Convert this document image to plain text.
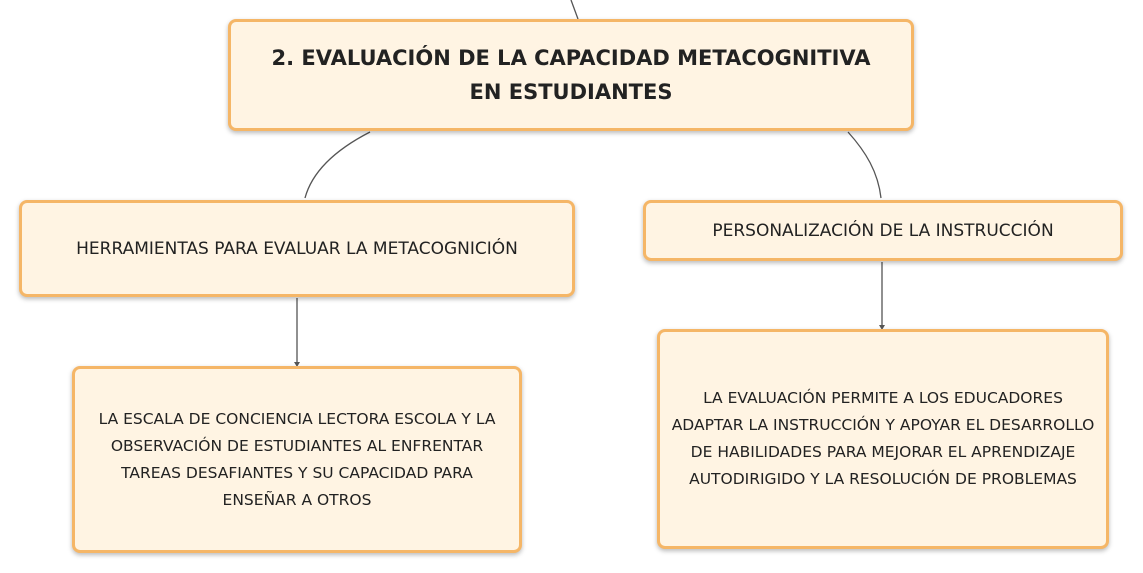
2. EVALUACIÓN DE LA CAPACIDAD METACOGNITIVA EN ESTUDIANTES
HERRAMIENTAS PARA EVALUAR LA METACOGNICIÓN
PERSONALIZACIÓN DE LA INSTRUCCIÓN
LA ESCALA DE CONCIENCIA LECTORA ESCOLA Y LA OBSERVACIÓN DE ESTUDIANTES AL ENFRENTAR TAREAS DESAFIANTES Y SU CAPACIDAD PARA ENSEÑAR A OTROS
LA EVALUACIÓN PERMITE A LOS EDUCADORES ADAPTAR LA INSTRUCCIÓN Y APOYAR EL DESARROLLO DE HABILIDADES PARA MEJORAR EL APRENDIZAJE AUTODIRIGIDO Y LA RESOLUCIÓN DE PROBLEMAS
